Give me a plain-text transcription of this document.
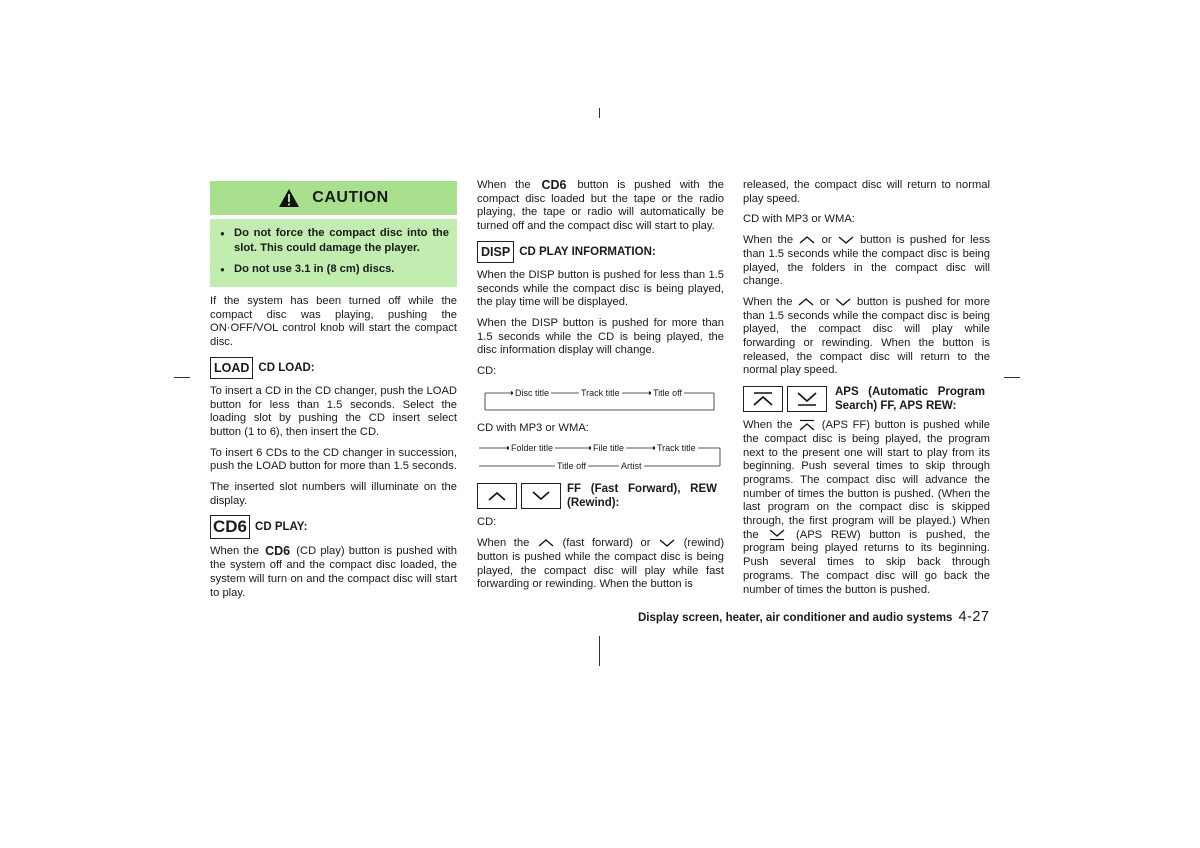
CAUTION
● Do not force the compact disc into the slot. This could damage the player.
● Do not use 3.1 in (8 cm) discs.

If the system has been turned off while the compact disc was playing, pushing the ON·OFF/VOL control knob will start the compact disc.

LOAD CD LOAD:

To insert a CD in the CD changer, push the LOAD button for less than 1.5 seconds. Select the loading slot by pushing the CD insert select button (1 to 6), then insert the CD.

To insert 6 CDs to the CD changer in succession, push the LOAD button for more than 1.5 seconds.

The inserted slot numbers will illuminate on the display.

CD6 CD PLAY:

When the CD6 (CD play) button is pushed with the system off and the compact disc loaded, the system will turn on and the compact disc will start to play.

When the CD6 button is pushed with the compact disc loaded but the tape or the radio playing, the tape or radio will automatically be turned off and the compact disc will start to play.

DISP CD PLAY INFORMATION:

When the DISP button is pushed for less than 1.5 seconds while the compact disc is being played, the play time will be displayed.

When the DISP button is pushed for more than 1.5 seconds while the CD is being played, the disc information display will change.

CD:

Disc title	Track title	Title off

CD with MP3 or WMA:

Folder title	File title	Track title
Title off	Artist
FF (Fast Forward), REW (Rewind):

CD:

When the	(fast forward) or	(rewind) button is pushed while the compact disc is being played, the compact disc will play while fast forwarding or rewinding. When the button is

released, the compact disc will return to normal play speed.

CD with MP3 or WMA:

When the	or	button is pushed for less than 1.5 seconds while the compact disc is being played, the folders in the compact disc will change.

When the or button is pushed for more than 1.5 seconds while the compact disc is being played, the compact disc will play while forwarding or rewinding. When the button is released, the compact disc will return to the normal play speed.

APS (Automatic Program Search) FF, APS REW:

When the	(APS FF) button is pushed while the compact disc is being played, the program next to the present one will start to play from its beginning. Push several times to skip through programs. The compact disc will advance the number of times the button is pushed. (When the last program on the compact disc is skipped through, the first program will be played.) When the	(APS REW) button is pushed, the program being played returns to its beginning. Push several times to skip back through programs. The compact disc will go back the number of times the button is pushed.

Display screen, heater, air conditioner and audio systems 4-27
